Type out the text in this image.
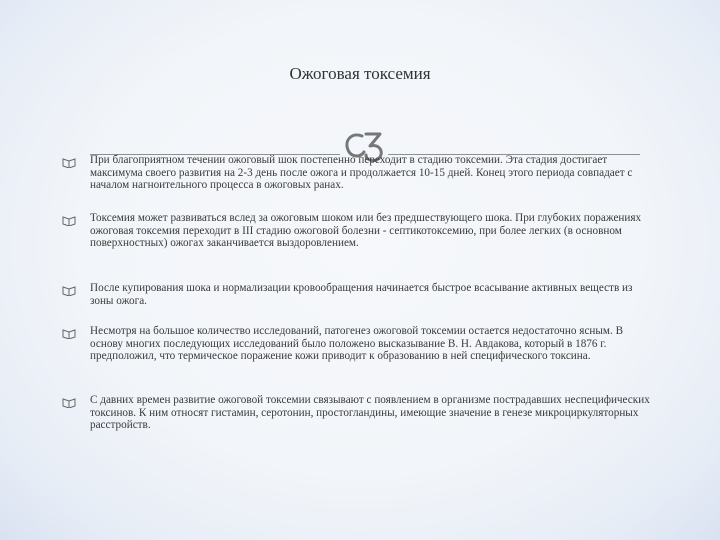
Ожоговая токсемия
При благоприятном течении ожоговый шок постепенно переходит в стадию токсемии. Эта стадия достигает максимума своего развития на 2-3 день после ожога и продолжается 10-15 дней. Конец этого периода совпадает с началом нагноительного процесса в ожоговых ранах.
Токсемия может развиваться вслед за ожоговым шоком или без предшествующего шока. При глубоких поражениях ожоговая токсемия переходит в III стадию ожоговой болезни - септикотоксемию, при более легких (в основном поверхностных) ожогах заканчивается выздоровлением.
После купирования шока и нормализации кровообращения начинается быстрое всасывание активных веществ из зоны ожога.
Несмотря на большое количество исследований, патогенез ожоговой токсемии остается недостаточно ясным. В основу многих последующих исследований было положено высказывание В. Н. Авдакова, который в 1876 г. предположил, что термическое поражение кожи приводит к образованию в ней специфического токсина.
С давних времен развитие ожоговой токсемии связывают с появлением в организме пострадавших неспецифических токсинов. К ним относят гистамин, серотонин, простогландины, имеющие значение в генезе микроциркуляторных расстройств.
